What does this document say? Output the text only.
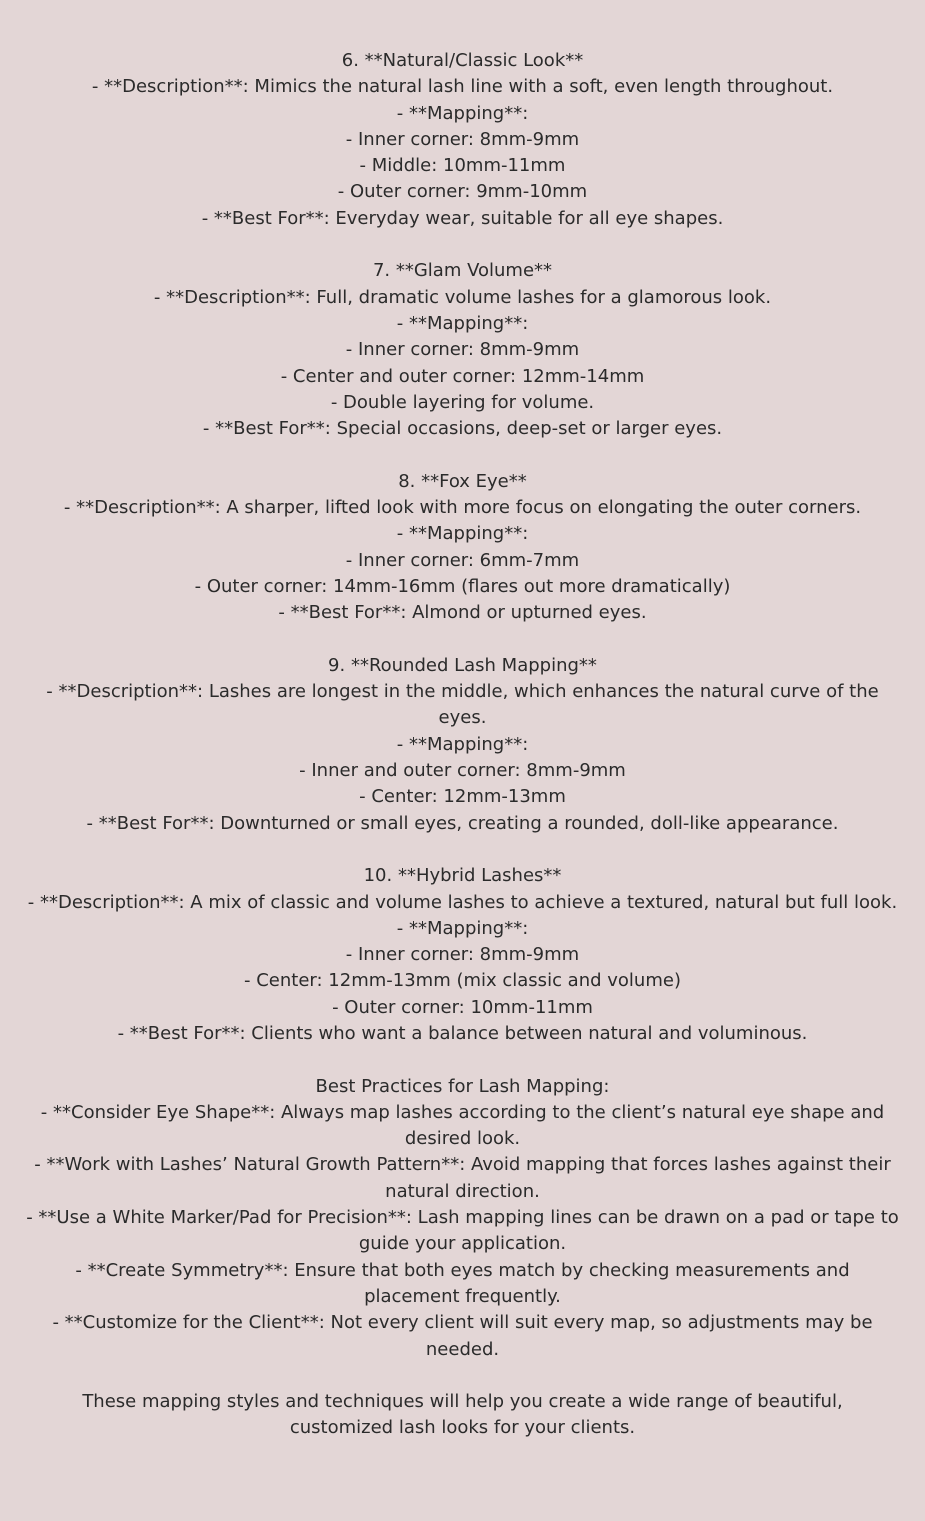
6. **Natural/Classic Look**
- **Description**: Mimics the natural lash line with a soft, even length throughout.
- **Mapping**:
- Inner corner: 8mm-9mm
- Middle: 10mm-11mm
- Outer corner: 9mm-10mm
- **Best For**: Everyday wear, suitable for all eye shapes.
7. **Glam Volume**
- **Description**: Full, dramatic volume lashes for a glamorous look.
- **Mapping**:
- Inner corner: 8mm-9mm
- Center and outer corner: 12mm-14mm
- Double layering for volume.
- **Best For**: Special occasions, deep-set or larger eyes.
8. **Fox Eye**
- **Description**: A sharper, lifted look with more focus on elongating the outer corners.
- **Mapping**:
- Inner corner: 6mm-7mm
- Outer corner: 14mm-16mm (flares out more dramatically)
- **Best For**: Almond or upturned eyes.
9. **Rounded Lash Mapping**
- **Description**: Lashes are longest in the middle, which enhances the natural curve of the eyes.
- **Mapping**:
- Inner and outer corner: 8mm-9mm
- Center: 12mm-13mm
- **Best For**: Downturned or small eyes, creating a rounded, doll-like appearance.
10. **Hybrid Lashes**
- **Description**: A mix of classic and volume lashes to achieve a textured, natural but full look.
- **Mapping**:
- Inner corner: 8mm-9mm
- Center: 12mm-13mm (mix classic and volume)
- Outer corner: 10mm-11mm
- **Best For**: Clients who want a balance between natural and voluminous.
Best Practices for Lash Mapping:
- **Consider Eye Shape**: Always map lashes according to the client’s natural eye shape and desired look.
- **Work with Lashes’ Natural Growth Pattern**: Avoid mapping that forces lashes against their natural direction.
- **Use a White Marker/Pad for Precision**: Lash mapping lines can be drawn on a pad or tape to guide your application.
- **Create Symmetry**: Ensure that both eyes match by checking measurements and placement frequently.
- **Customize for the Client**: Not every client will suit every map, so adjustments may be needed.
These mapping styles and techniques will help you create a wide range of beautiful, customized lash looks for your clients.
